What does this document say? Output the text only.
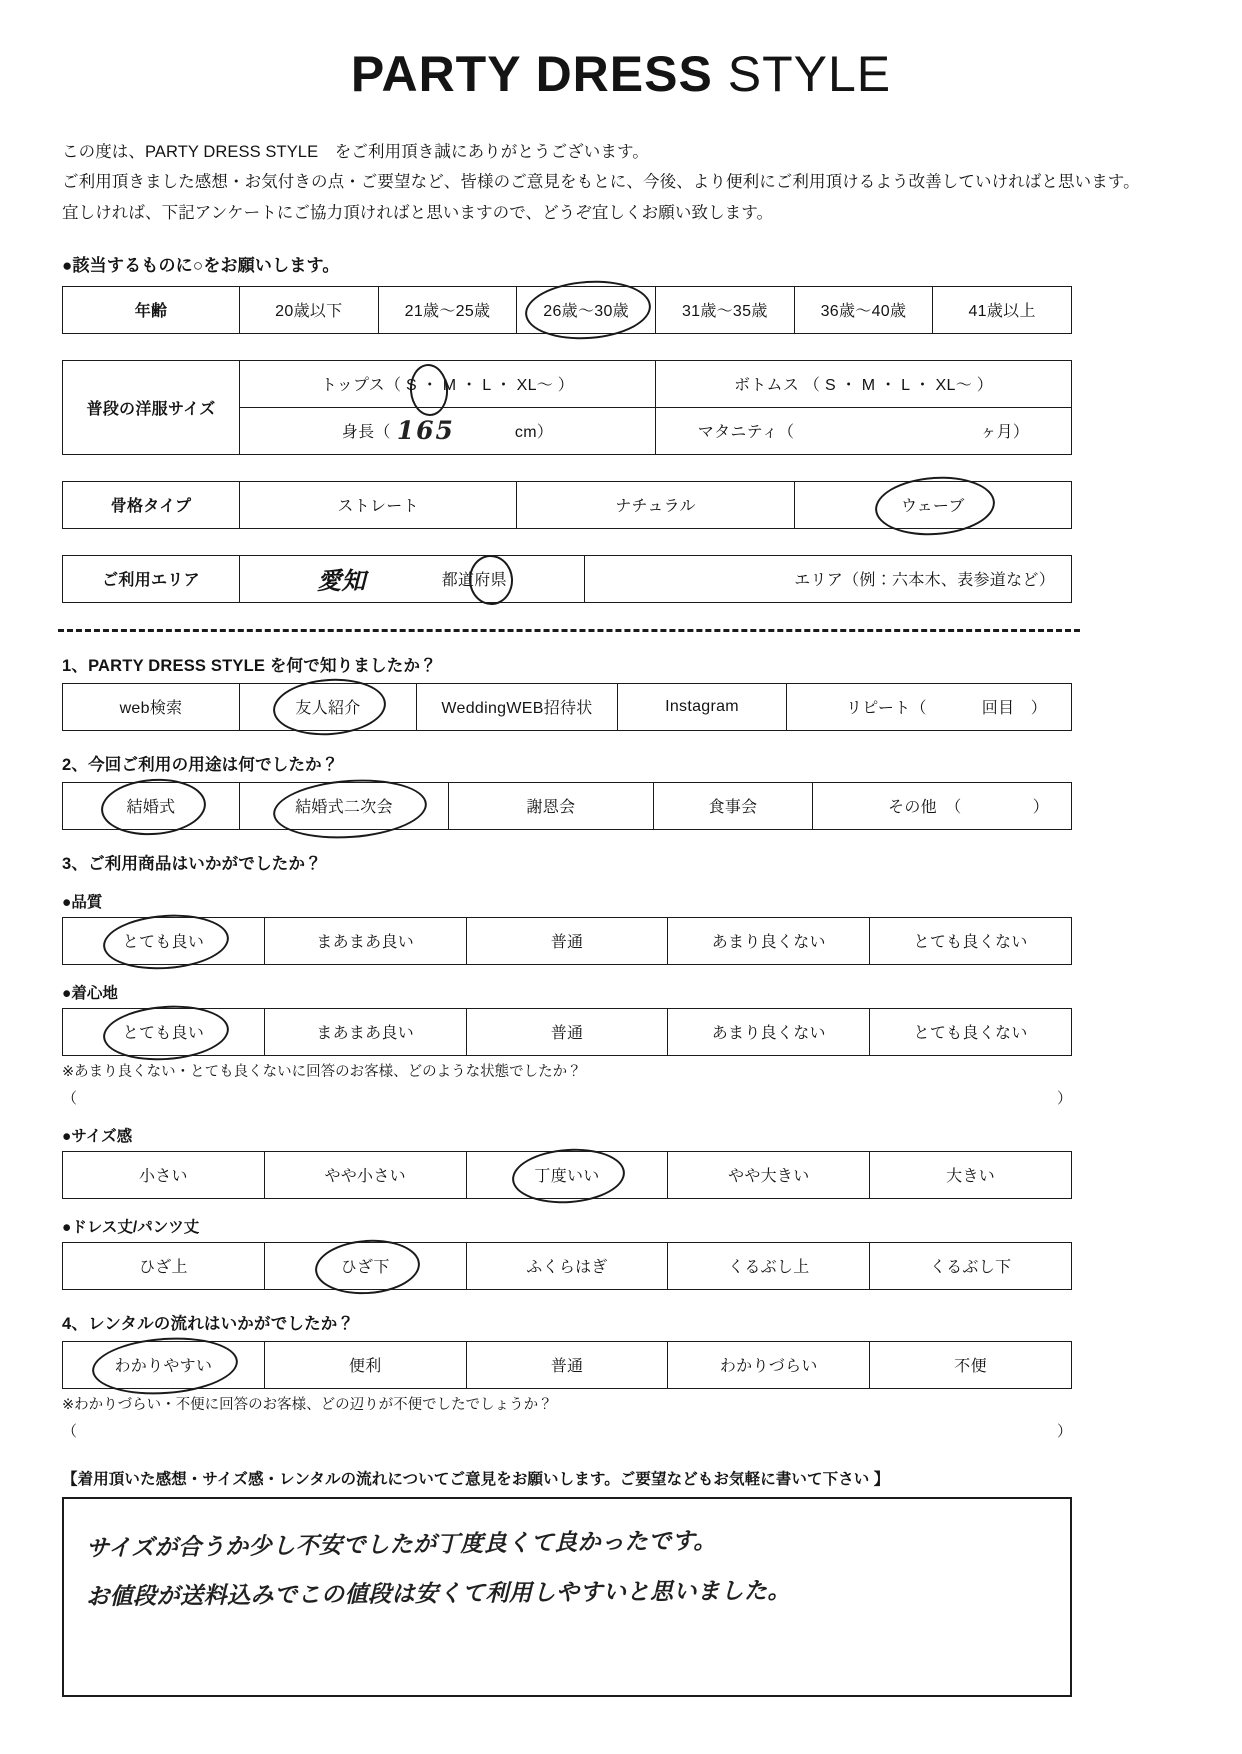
PARTY DRESS STYLE
この度は、PARTY DRESS STYLE　をご利用頂き誠にありがとうございます。
ご利用頂きました感想・お気付きの点・ご要望など、皆様のご意見をもとに、今後、より便利にご利用頂けるよう改善していければと思います。
宜しければ、下記アンケートにご協力頂ければと思いますので、どうぞ宜しくお願い致します。
●該当するものに○をお願いします。
年齢	20歳以下	21歳～25歳	26歳～30歳	31歳～35歳	36歳～40歳	41歳以上
普段の洋服サイズ	トップス（ S ・ M ・ L ・ XL～ ）	ボトムス （ S ・ M ・ L ・ XL～ ）

	身長（ 165 cm）	マタニティ（ ヶ月）
骨格タイプ	ストレート	ナチュラル	ウェーブ
ご利用エリア	愛知	都道府県	エリア（例：六本木、表参道など）
1、PARTY DRESS STYLE を何で知りましたか？
web検索	友人紹介	WeddingWEB招待状	Instagram	リピート（	回目　）
2、今回ご利用の用途は何でしたか？
結婚式	結婚式二次会	謝恩会	食事会	その他　（	）
3、ご利用商品はいかがでしたか？
●品質
とても良い	まあまあ良い	普通	あまり良くない	とても良くない
●着心地
とても良い	まあまあ良い	普通	あまり良くない	とても良くない
※あまり良くない・とても良くないに回答のお客様、どのような状態でしたか？
（	）
●サイズ感
小さい	やや小さい	丁度いい	やや大きい	大きい
●ドレス丈/パンツ丈
ひざ上	ひざ下	ふくらはぎ	くるぶし上	くるぶし下
4、レンタルの流れはいかがでしたか？
わかりやすい	便利	普通	わかりづらい	不便
※わかりづらい・不便に回答のお客様、どの辺りが不便でしたでしょうか？
（	）
【着用頂いた感想・サイズ感・レンタルの流れについてご意見をお願いします。ご要望などもお気軽に書いて下さい 】
サイズが合うか少し不安でしたが丁度良くて良かったです。
お値段が送料込みでこの値段は安くて利用しやすいと思いました。
